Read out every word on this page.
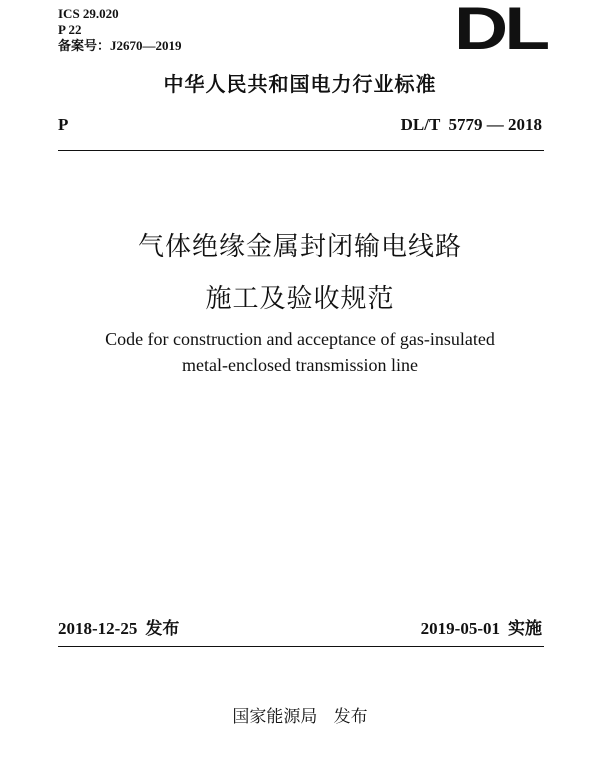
ICS 29.020
P 22
备案号：J2670—2019	DL
中华人民共和国电力行业标准
P	DL/T  5779 — 2018
气体绝缘金属封闭输电线路
施工及验收规范
Code for construction and acceptance of gas-insulated
metal-enclosed transmission line
2018-12-25 发布	2019-05-01 实施
国家能源局   发布
